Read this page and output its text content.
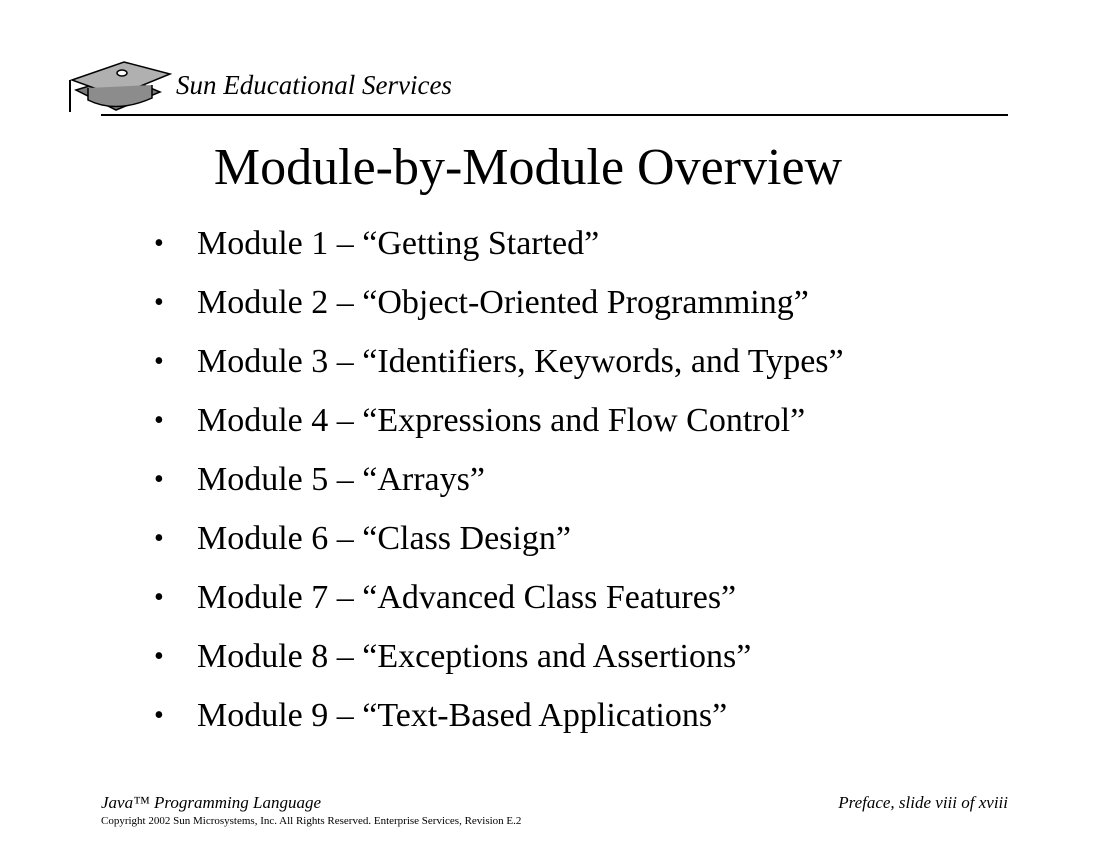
Sun Educational Services
Module-by-Module Overview
• Module 1 – “Getting Started”
• Module 2 – “Object-Oriented Programming”
• Module 3 – “Identifiers, Keywords, and Types”
• Module 4 – “Expressions and Flow Control”
• Module 5 – “Arrays”
• Module 6 – “Class Design”
• Module 7 – “Advanced Class Features”
• Module 8 – “Exceptions and Assertions”
• Module 9 – “Text-Based Applications”
Java™ Programming Language	Preface, slide viii of xviii
Copyright 2002 Sun Microsystems, Inc. All Rights Reserved. Enterprise Services, Revision E.2
